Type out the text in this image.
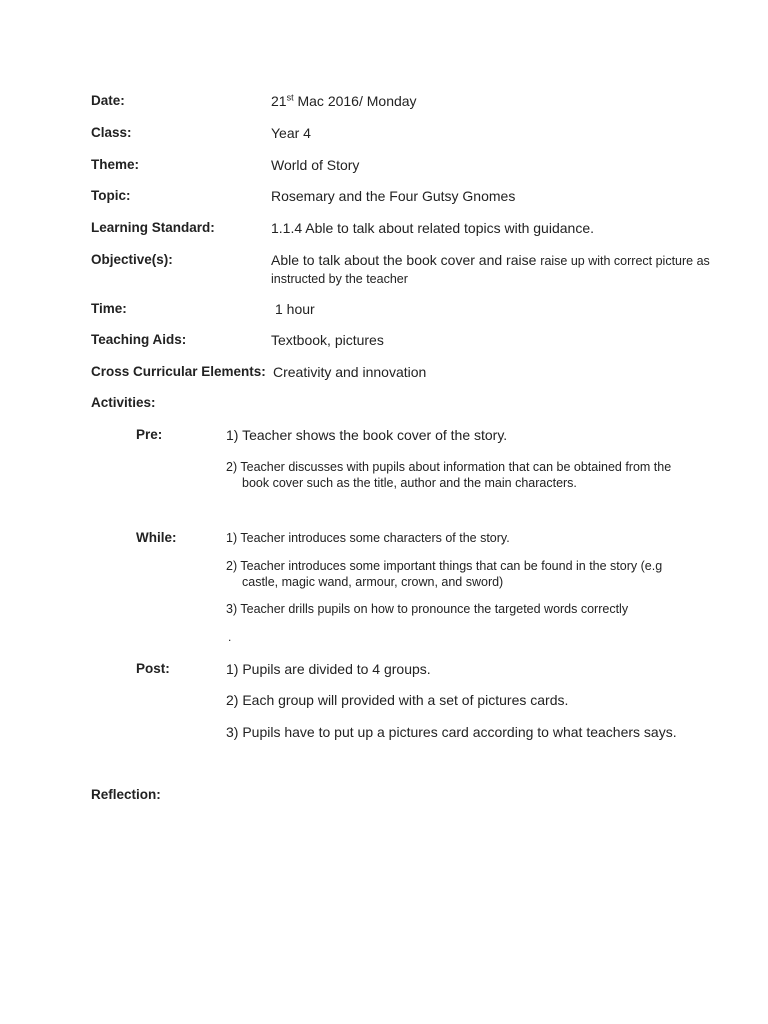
Date:	21st Mac 2016/ Monday
Class:	Year 4
Theme:	World of Story
Topic:	Rosemary and the Four Gutsy Gnomes
Learning Standard:	1.1.4 Able to talk about related topics with guidance.
Objective(s):	Able to talk about the book cover and raise raise up with correct picture as instructed by the teacher
Time:	1 hour
Teaching Aids:	Textbook, pictures
Cross Curricular Elements: Creativity and innovation
Activities:
Pre:	1) Teacher shows the book cover of the story.
2) Teacher discusses with pupils about information that can be obtained from the
book cover such as the title, author and the main characters.
While:	1) Teacher introduces some characters of the story.
2) Teacher introduces some important things that can be found in the story (e.g
castle, magic wand, armour, crown, and sword)
3) Teacher drills pupils on how to pronounce the targeted words correctly
.
Post:	1) Pupils are divided to 4 groups.
2) Each group will provided with a set of pictures cards.
3) Pupils have to put up a pictures card according to what teachers says.
Reflection:
